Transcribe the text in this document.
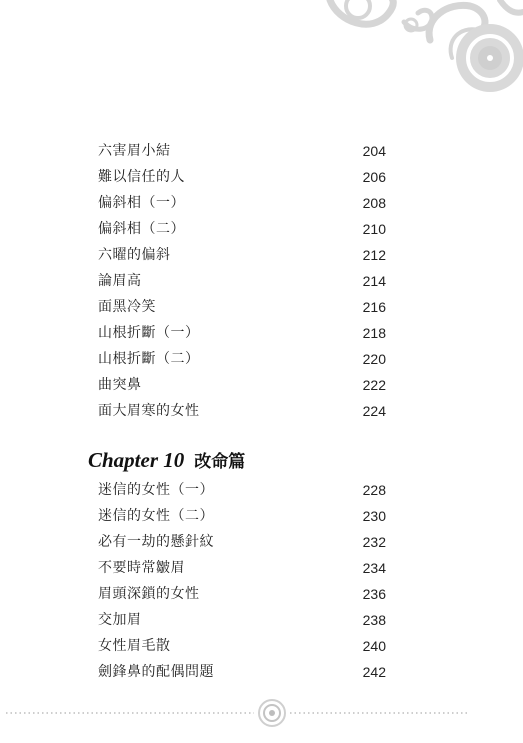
六害眉小結	204
難以信任的人	206
偏斜相（一）	208
偏斜相（二）	210
六曜的偏斜	212
論眉高	214
面黑冷笑	216
山根折斷（一）	218
山根折斷（二）	220
曲突鼻	222
面大眉寒的女性	224
Chapter 10 改命篇
迷信的女性（一）	228
迷信的女性（二）	230
必有一劫的懸針紋	232
不要時常皺眉	234
眉頭深鎖的女性	236
交加眉	238
女性眉毛散	240
劍鋒鼻的配偶問題	242
